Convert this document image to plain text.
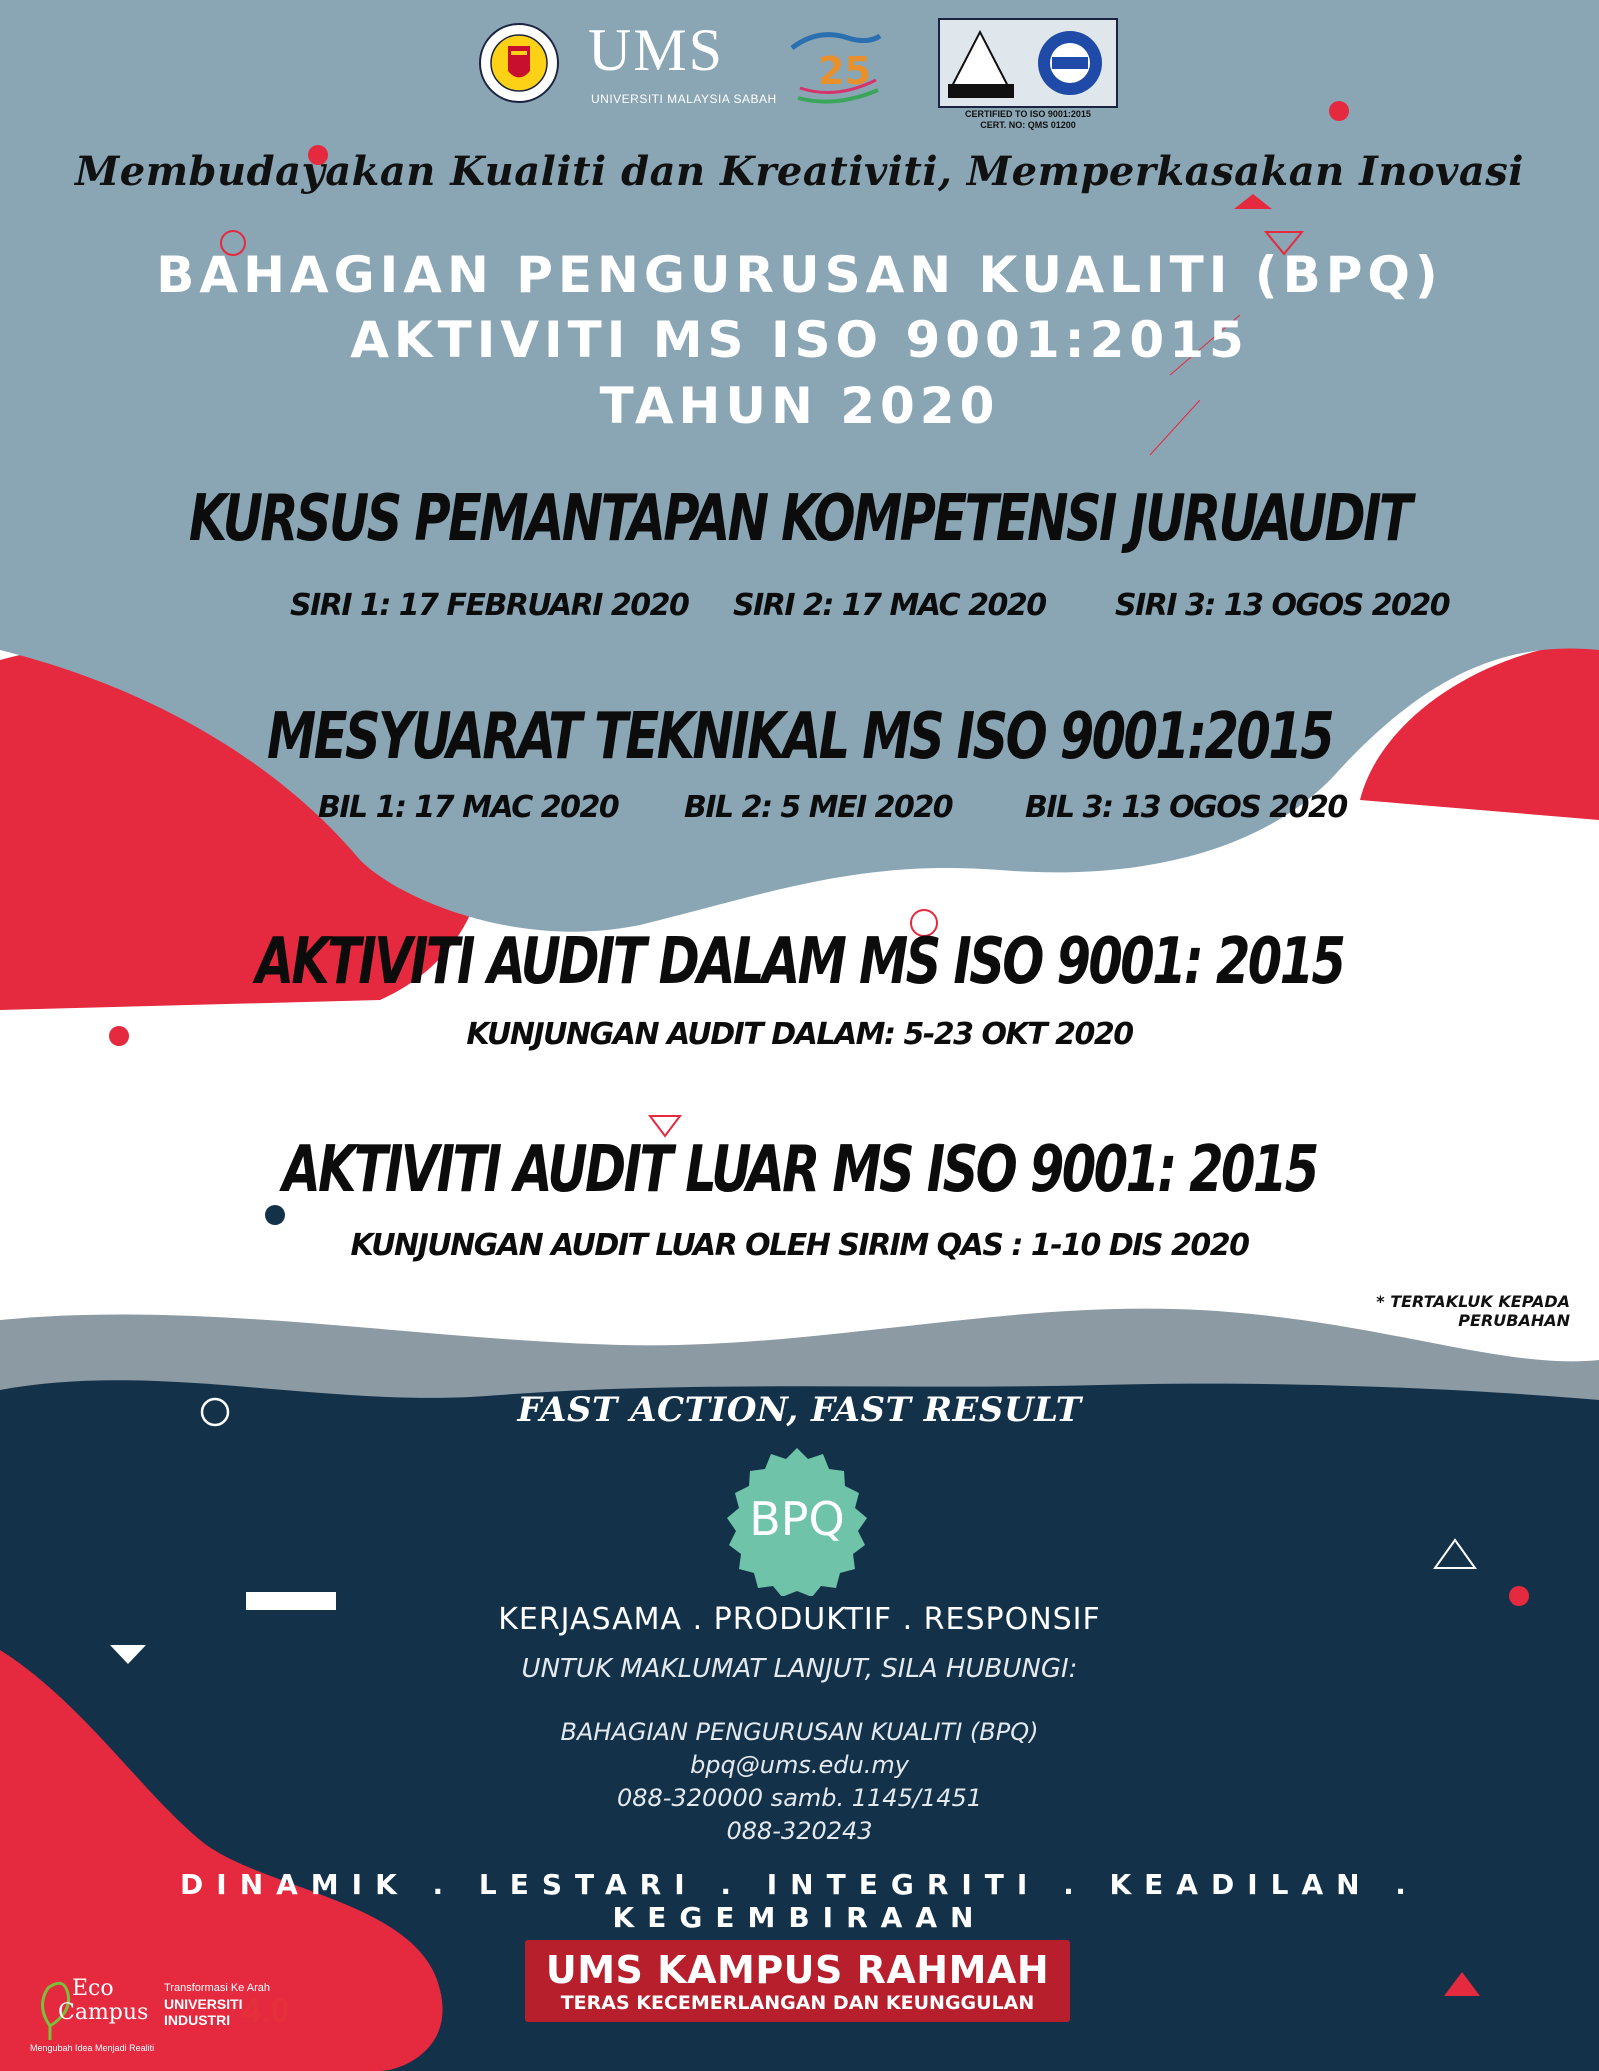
UMS
UNIVERSITI MALAYSIA SABAH
25
CERTIFIED TO ISO 9001:2015
CERT. NO: QMS 01200
Membudayakan Kualiti dan Kreativiti, Memperkasakan Inovasi
BAHAGIAN PENGURUSAN KUALITI (BPQ)
AKTIVITI MS ISO 9001:2015
TAHUN 2020
KURSUS PEMANTAPAN KOMPETENSI JURUAUDIT
SIRI 1: 17 FEBRUARI 2020 SIRI 2: 17 MAC 2020 SIRI 3: 13 OGOS 2020
MESYUARAT TEKNIKAL MS ISO 9001:2015
BIL 1: 17 MAC 2020 BIL 2: 5 MEI 2020 BIL 3: 13 OGOS 2020
AKTIVITI AUDIT DALAM MS ISO 9001: 2015
KUNJUNGAN AUDIT DALAM: 5-23 OKT 2020
AKTIVITI AUDIT LUAR MS ISO 9001: 2015
KUNJUNGAN AUDIT LUAR OLEH SIRIM QAS : 1-10 DIS 2020
* TERTAKLUK KEPADA PERUBAHAN
FAST ACTION, FAST RESULT
BPQ
KERJASAMA . PRODUKTIF . RESPONSIF
UNTUK MAKLUMAT LANJUT, SILA HUBUNGI:
BAHAGIAN PENGURUSAN KUALITI (BPQ)
bpq@ums.edu.my
088-320000 samb. 1145/1451
088-320243
DINAMIK . LESTARI . INTEGRITI . KEADILAN . KEGEMBIRAAN
UMS KAMPUS RAHMAH
TERAS KECEMERLANGAN DAN KEUNGGULAN
Eco
Campus
Mengubah Idea Menjadi Realiti
Transformasi Ke Arah
UNIVERSITI
INDUSTRI 4.0
